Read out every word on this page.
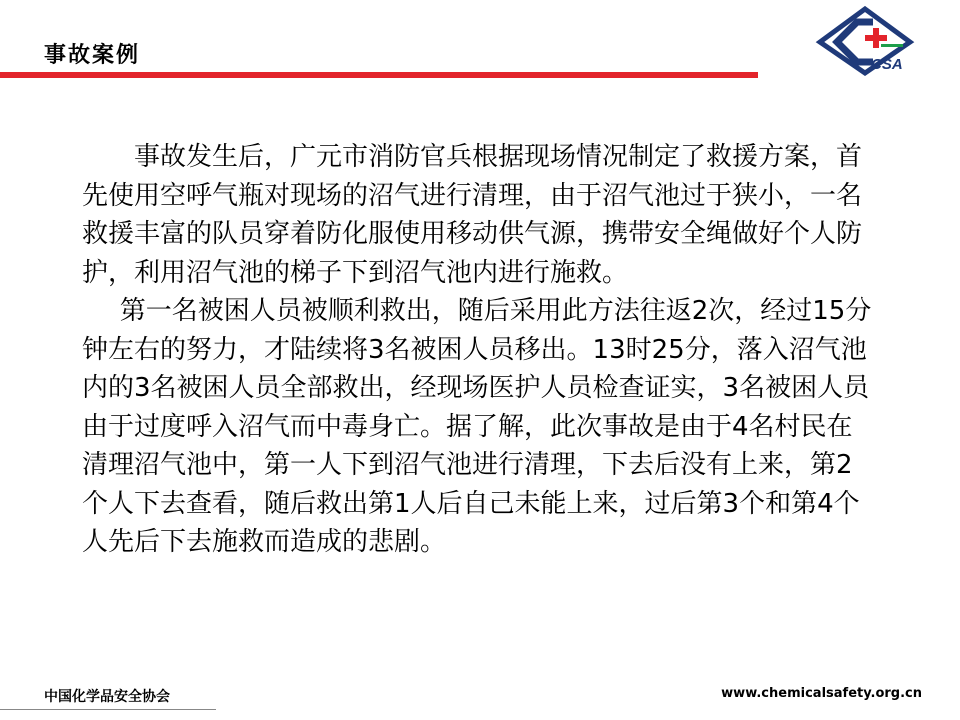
事故案例	CSA

事故发生后，广元市消防官兵根据现场情况制定了救援方案，首先使用空呼气瓶对现场的沼气进行清理，由于沼气池过于狭小，一名救援丰富的队员穿着防化服使用移动供气源，携带安全绳做好个人防护，利用沼气池的梯子下到沼气池内进行施救。

第一名被困人员被顺利救出，随后采用此方法往返2次，经过15分钟左右的努力，才陆续将3名被困人员移出。13时25分，落入沼气池内的3名被困人员全部救出，经现场医护人员检查证实，3名被困人员由于过度呼入沼气而中毒身亡。据了解，此次事故是由于4名村民在清理沼气池中，第一人下到沼气池进行清理，下去后没有上来，第2个人下去查看，随后救出第1人后自己未能上来，过后第3个和第4个人先后下去施救而造成的悲剧。

中国化学品安全协会	www.chemicalsafety.org.cn
